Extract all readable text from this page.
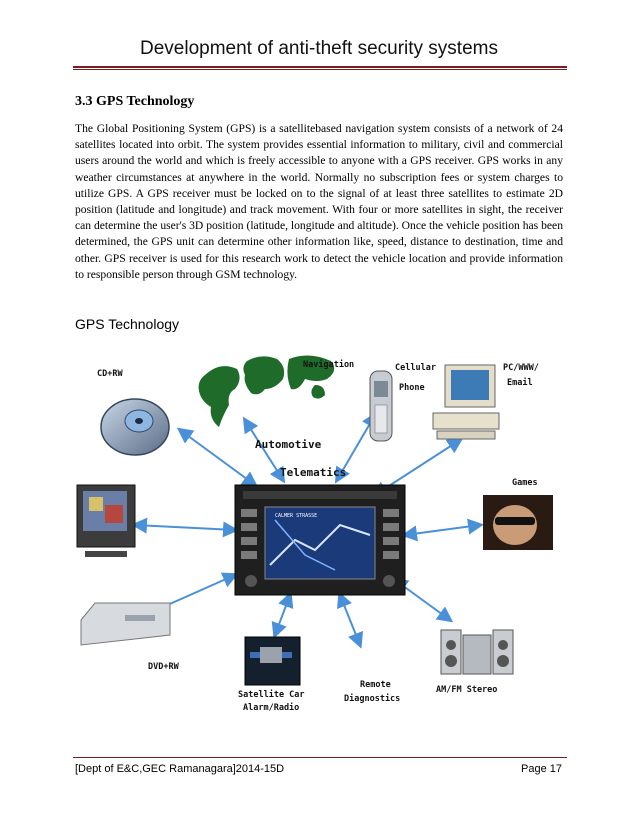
Development of anti-theft security systems
3.3 GPS Technology

The Global Positioning System (GPS) is a satellitebased navigation system consists of a network of 24 satellites located into orbit. The system provides essential information to military, civil and commercial users around the world and which is freely accessible to anyone with a GPS receiver. GPS works in any weather circumstances at anywhere in the world. Normally no subscription fees or system charges to utilize GPS. A GPS receiver must be locked on to the signal of at least three satellites to estimate 2D position (latitude and longitude) and track movement. With four or more satellites in sight, the receiver can determine the user's 3D position (latitude, longitude and altitude). Once the vehicle position has been determined, the GPS unit can determine other information like, speed, distance to destination, time and other. GPS receiver is used for this research work to detect the vehicle location and provide information to responsible person through GSM technology.

GPS Technology
CD+RW
Navigation	Cellular
Phone
PC/WWW/
Email
Automotive
Telematics
CALMER STRASSE
Games
DVD+RW
Satellite Car
Alarm/Radio
Remote
Diagnostics
AM/FM Stereo
[Dept of E&C,GEC Ramanagara]2014-15D	Page 17
